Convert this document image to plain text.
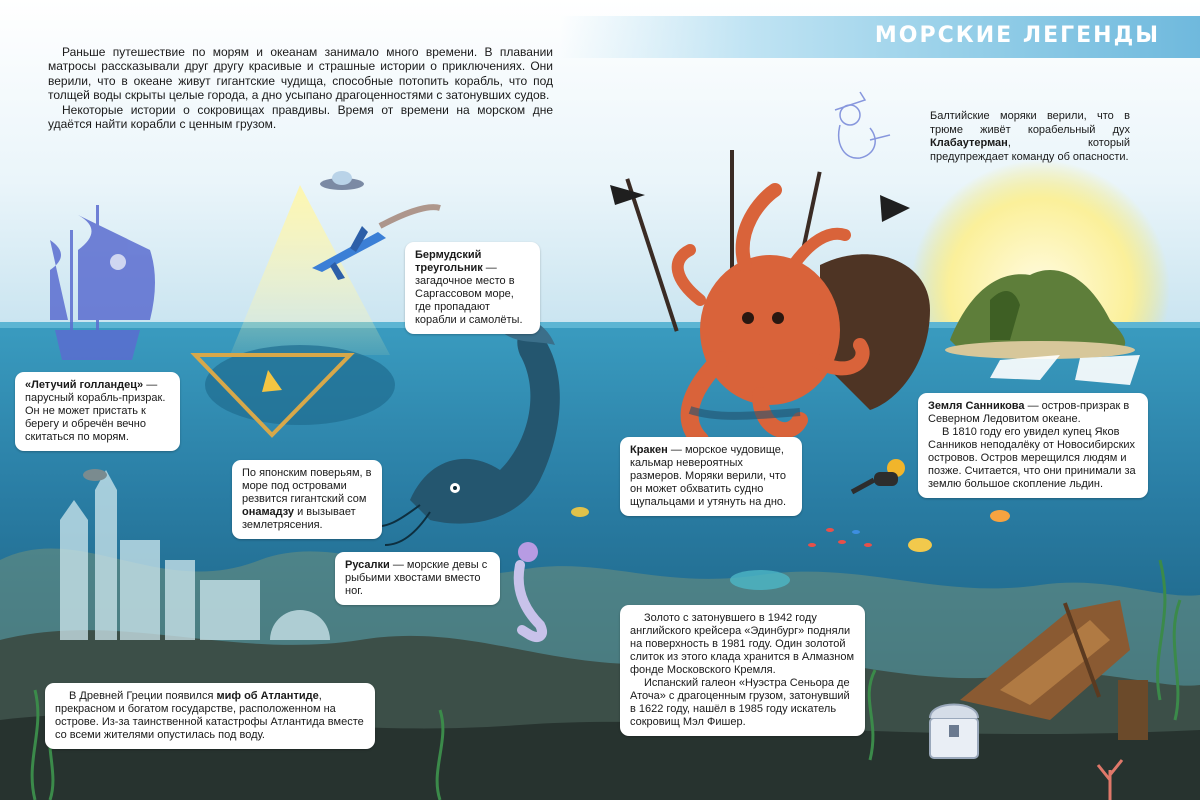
МОРСКИЕ ЛЕГЕНДЫ

Раньше путешествие по морям и океанам занимало много времени. В плавании матросы рассказывали друг другу красивые и страшные истории о приключениях. Они верили, что в океане живут гигантские чудища, способные потопить корабль, что под толщей воды скрыты целые города, а дно усыпано драгоценностями с затонувших судов.

Некоторые истории о сокровищах правдивы. Время от времени на морском дне удаётся найти корабли с ценным грузом.

Балтийские моряки верили, что в трюме живёт корабельный дух Клабаутерман, который предупреждает команду об опасности.
Бермудский треугольник — загадочное место в Саргассовом море, где пропадают корабли и самолёты.
«Летучий голландец» — парусный корабль-призрак. Он не может пристать к берегу и обречён вечно скитаться по морям.
По японским поверьям, в море под островами резвится гигантский сом онамадзу и вызывает землетрясения.
Русалки — морские девы с рыбьими хвостами вместо ног.
Кракен — морское чудовище, кальмар невероятных размеров. Моряки верили, что он может обхватить судно щупальцами и утянуть на дно.

Земля Санникова — остров-призрак в Северном Ледовитом океане.

В 1810 году его увидел купец Яков Санников неподалёку от Новосибирских островов. Остров мерещился людям и позже. Считается, что они принимали за землю большое скопление льдин.

Золото с затонувшего в 1942 году английского крейсера «Эдинбург» подняли на поверхность в 1981 году. Один золотой слиток из этого клада хранится в Алмазном фонде Московского Кремля.

Испанский галеон «Нуэстра Сеньора де Аточа» с драгоценным грузом, затонувший в 1622 году, нашёл в 1985 году искатель сокровищ Мэл Фишер.

В Древней Греции появился миф об Атлантиде, прекрасном и богатом государстве, расположенном на острове. Из-за таинственной катастрофы Атлантида вместе со всеми жителями опустилась под воду.
